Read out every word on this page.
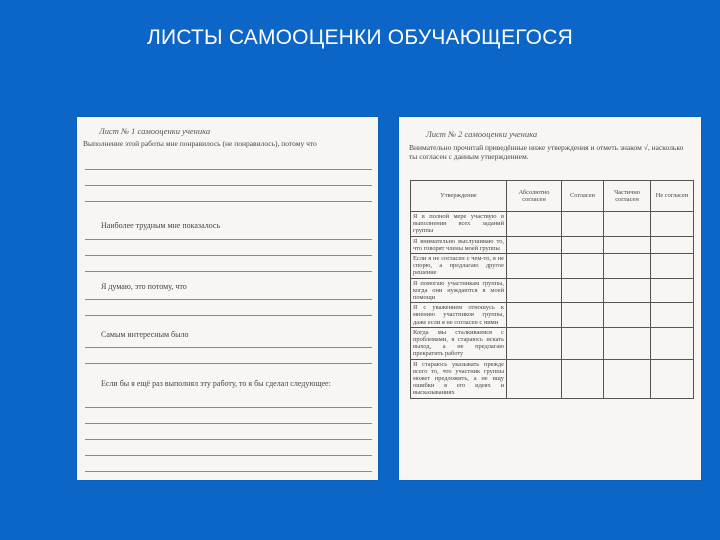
ЛИСТЫ САМООЦЕНКИ ОБУЧАЮЩЕГОСЯ
Лист № 1 самооценки ученика
Выполнение этой работы мне понравилось (не понравилось), потому что
Наиболее трудным мне показалось
Я думаю, это потому, что
Самым интересным было
Если бы я ещё раз выполнял эту работу, то я бы сделал следующее:
Лист № 2 самооценки ученика
Внимательно прочитай приведённые ниже утверждения и отметь знаком √, насколько ты согласен с данным утверждением.
Утверждение	Абсолютно согласен	Согласен	Частично согласен	Не согласен
Я в полной мере участвую в выполнении всех заданий группы				
Я внимательно выслушиваю то, что говорят члены моей группы				
Если я не согласен с чем-то, я не спорю, а предлагаю другое решение				
Я помогаю участникам группы, когда они нуждаются в моей помощи				
Я с уважением отношусь к мнению участников группы, даже если я не согласен с ними				
Когда мы сталкиваемся с проблемами, я стараюсь искать выход, а не предлагаю прекратить работу				
Я стараюсь указывать прежде всего то, что участник группы может предложить, а не ищу ошибки в его идеях и высказываниях				
